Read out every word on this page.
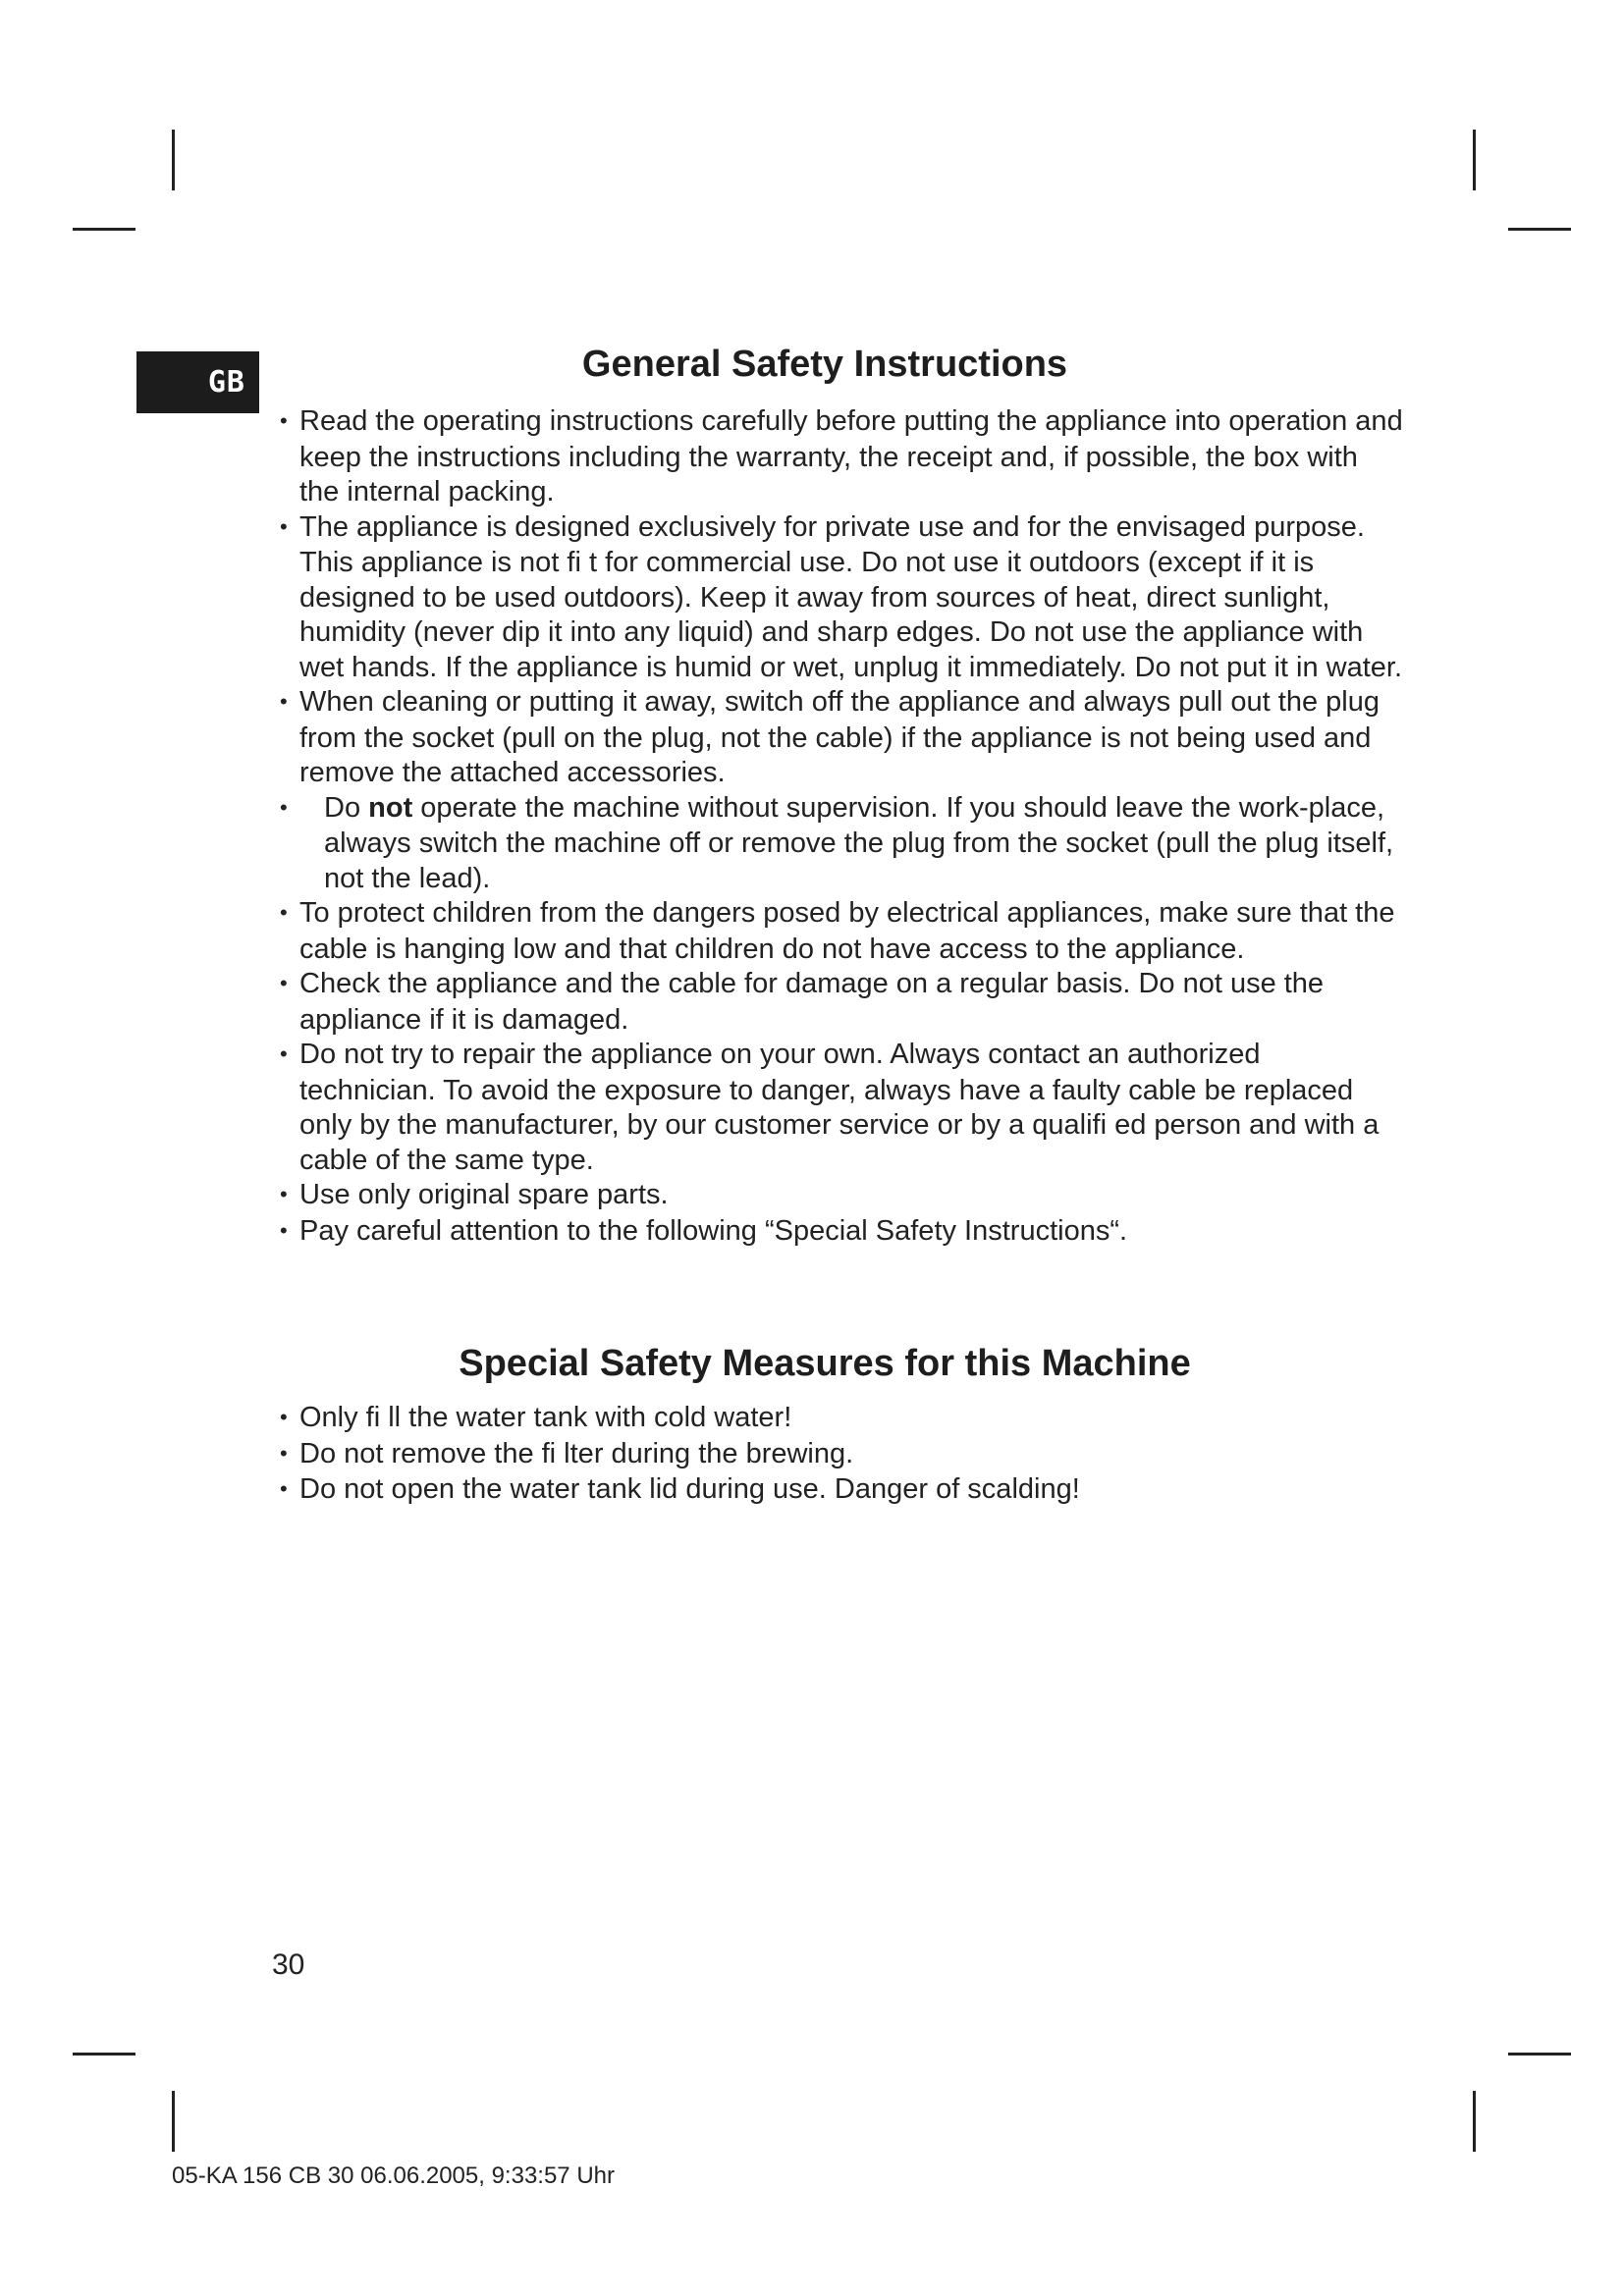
GB	General Safety Instructions
• Read the operating instructions carefully before putting the appliance into operation and keep the instructions including the warranty, the receipt and, if possible, the box with the internal packing.
• The appliance is designed exclusively for private use and for the envisaged purpose. This appliance is not fi t for commercial use. Do not use it outdoors (except if it is designed to be used outdoors). Keep it away from sources of heat, direct sunlight, humidity (never dip it into any liquid) and sharp edges. Do not use the appliance with wet hands. If the appliance is humid or wet, unplug it immediately. Do not put it in water.
• When cleaning or putting it away, switch off the appliance and always pull out the plug from the socket (pull on the plug, not the cable) if the appliance is not being used and remove the attached accessories.
• Do not operate the machine without supervision. If you should leave the work-place, always switch the machine off or remove the plug from the socket (pull the plug itself, not the lead).
• To protect children from the dangers posed by electrical appliances, make sure that the cable is hanging low and that children do not have access to the appliance.
• Check the appliance and the cable for damage on a regular basis. Do not use the appliance if it is damaged.
• Do not try to repair the appliance on your own. Always contact an authorized technician. To avoid the exposure to danger, always have a faulty cable be replaced only by the manufacturer, by our customer service or by a qualifi ed person and with a cable of the same type.
• Use only original spare parts.
• Pay careful attention to the following “Special Safety Instructions“.
Special Safety Measures for this Machine
• Only fi ll the water tank with cold water!
• Do not remove the fi lter during the brewing.
• Do not open the water tank lid during use. Danger of scalding!
30
05-KA 156 CB 30 06.06.2005, 9:33:57 Uhr
